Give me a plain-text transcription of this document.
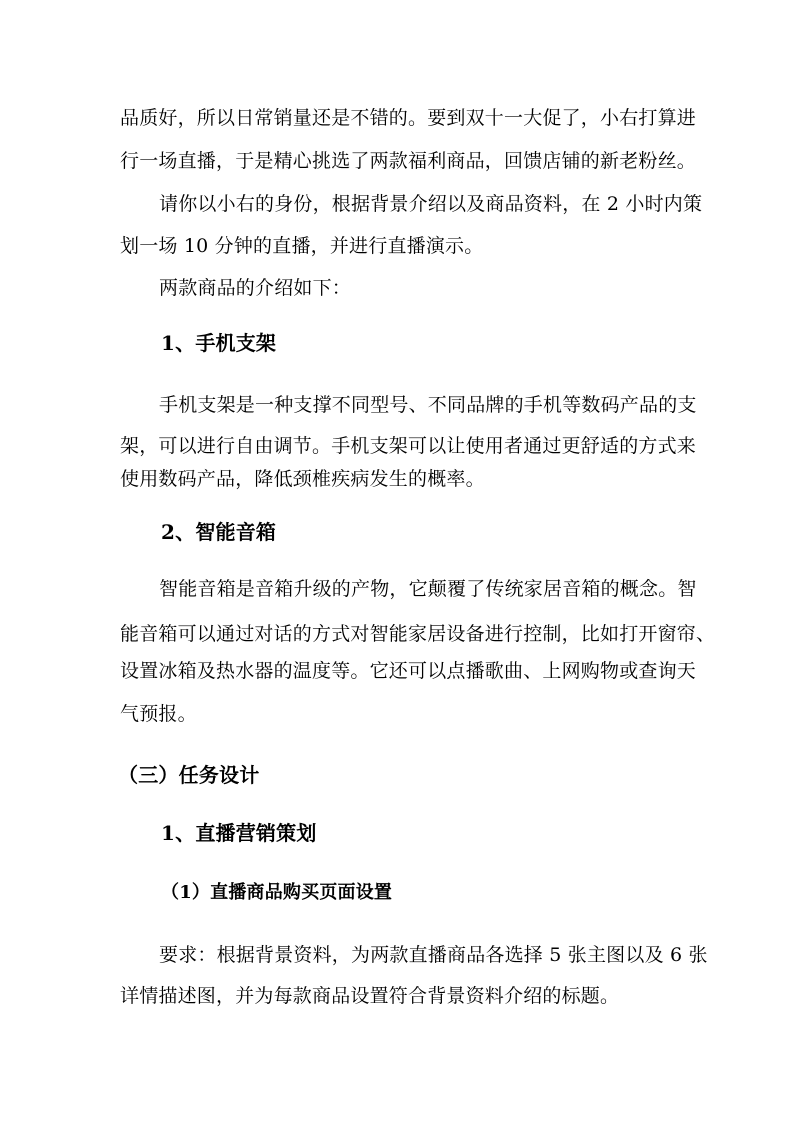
品质好，所以日常销量还是不错的。要到双十一大促了，小右打算进
行一场直播，于是精心挑选了两款福利商品，回馈店铺的新老粉丝。
请你以小右的身份，根据背景介绍以及商品资料，在 2 小时内策
划一场 10 分钟的直播，并进行直播演示。
两款商品的介绍如下：
1、手机支架
手机支架是一种支撑不同型号、不同品牌的手机等数码产品的支
架，可以进行自由调节。手机支架可以让使用者通过更舒适的方式来
使用数码产品，降低颈椎疾病发生的概率。
2、智能音箱
智能音箱是音箱升级的产物，它颠覆了传统家居音箱的概念。智
能音箱可以通过对话的方式对智能家居设备进行控制，比如打开窗帘、
设置冰箱及热水器的温度等。它还可以点播歌曲、上网购物或查询天
气预报。
（三）任务设计
1、直播营销策划
（1）直播商品购买页面设置
要求：根据背景资料，为两款直播商品各选择 5 张主图以及 6 张
详情描述图，并为每款商品设置符合背景资料介绍的标题。
